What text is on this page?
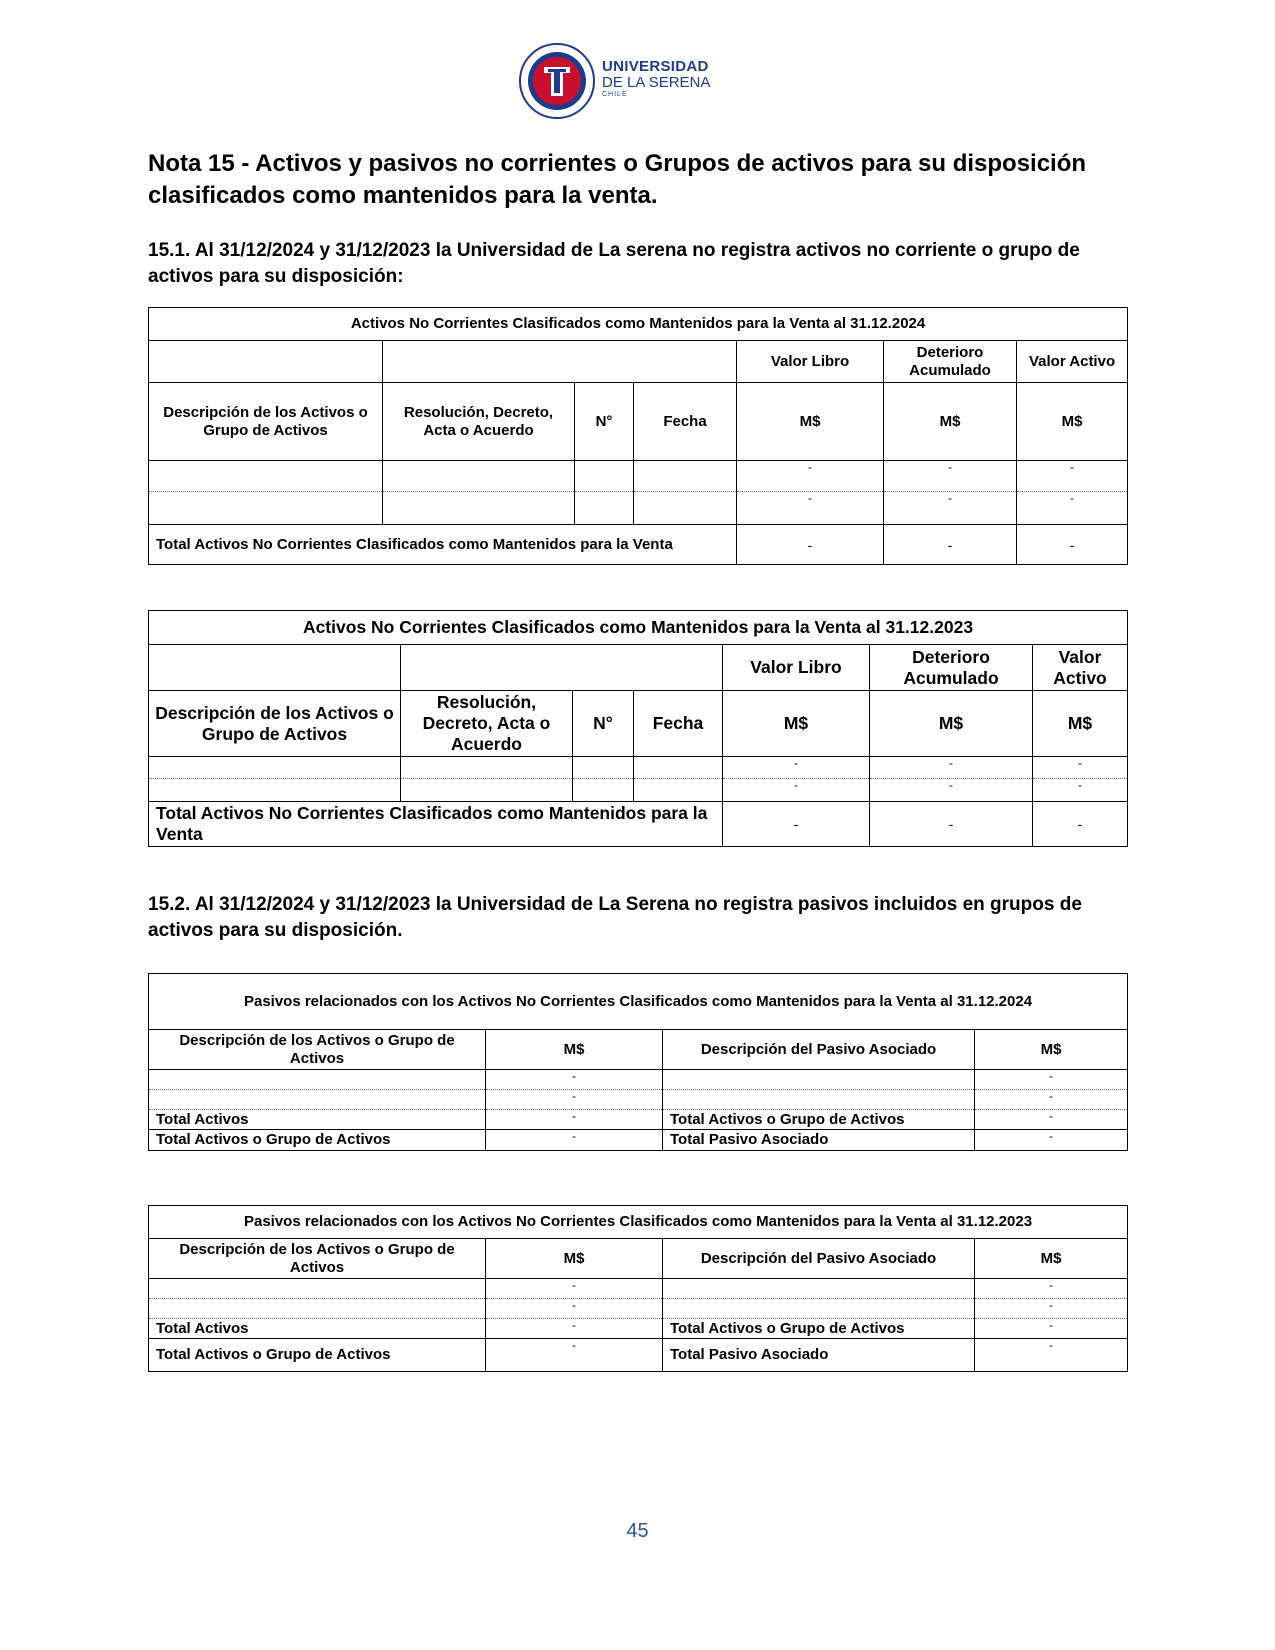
UNIVERSIDAD
DE LA SERENA
CHILE
Nota 15 - Activos y pasivos no corrientes o Grupos de activos para su disposición clasificados como mantenidos para la venta.

15.1. Al 31/12/2024 y 31/12/2023 la Universidad de La serena no registra activos no corriente o grupo de activos para su disposición:

Activos No Corrientes Clasificados como Mantenidos para la Venta al 31.12.2024						
				Valor Libro	Deterioro Acumulado	Valor Activo
Descripción de los Activos o Grupo de Activos	Resolución, Decreto, Acta o Acuerdo	N°	Fecha	M$	M$	M$
				-	-	-
				-	-	-
Total Activos No Corrientes Clasificados como Mantenidos para la Venta				-	-	-
Activos No Corrientes Clasificados como Mantenidos para la Venta al 31.12.2023						
				Valor Libro	Deterioro Acumulado	Valor Activo
Descripción de los Activos o Grupo de Activos	Resolución, Decreto, Acta o Acuerdo	N°	Fecha	M$	M$	M$
				-	-	-
				-	-	-
Total Activos No Corrientes Clasificados como Mantenidos para la Venta				-	-	-

15.2. Al 31/12/2024 y 31/12/2023 la Universidad de La Serena no registra pasivos incluidos en grupos de activos para su disposición.

Pasivos relacionados con los Activos No Corrientes Clasificados como Mantenidos para la Venta al 31.12.2024			
Descripción de los Activos o Grupo de Activos	M$	Descripción del Pasivo Asociado	M$
	-		-
	-		-
Total Activos	-	Total Activos o Grupo de Activos	-
Total Activos o Grupo de Activos	-	Total Pasivo Asociado	-
Pasivos relacionados con los Activos No Corrientes Clasificados como Mantenidos para la Venta al 31.12.2023			
Descripción de los Activos o Grupo de Activos	M$	Descripción del Pasivo Asociado	M$
	-		-
	-		-
Total Activos	-	Total Activos o Grupo de Activos	-
Total Activos o Grupo de Activos	-	Total Pasivo Asociado	-
45
